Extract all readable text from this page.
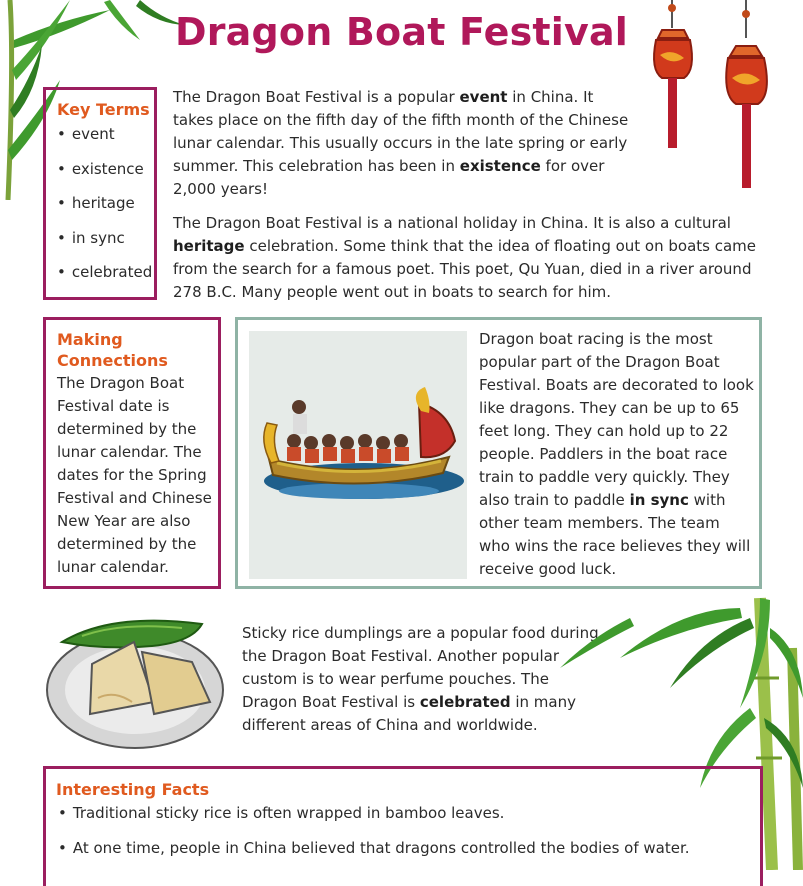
Dragon Boat Festival
Key Terms
• event
• existence
• heritage
• in sync
• celebrated
The Dragon Boat Festival is a popular event in China. It takes place on the fifth day of the fifth month of the Chinese lunar calendar. This usually occurs in the late spring or early summer. This celebration has been in existence for over 2,000 years!
The Dragon Boat Festival is a national holiday in China. It is also a cultural heritage celebration. Some think that the idea of floating out on boats came from the search for a famous poet. This poet, Qu Yuan, died in a river around 278 B.C. Many people went out in boats to search for him.
Making Connections
The Dragon Boat Festival date is determined by the lunar calendar. The dates for the Spring Festival and Chinese New Year are also determined by the lunar calendar.
Dragon boat racing is the most popular part of the Dragon Boat Festival. Boats are decorated to look like dragons. They can be up to 65 feet long. They can hold up to 22 people. Paddlers in the boat race train to paddle very quickly. They also train to paddle in sync with other team members. The team who wins the race believes they will receive good luck.
Sticky rice dumplings are a popular food during the Dragon Boat Festival. Another popular custom is to wear perfume pouches. The Dragon Boat Festival is celebrated in many different areas of China and worldwide.
Interesting Facts
• Traditional sticky rice is often wrapped in bamboo leaves.
• At one time, people in China believed that dragons controlled the bodies of water.
